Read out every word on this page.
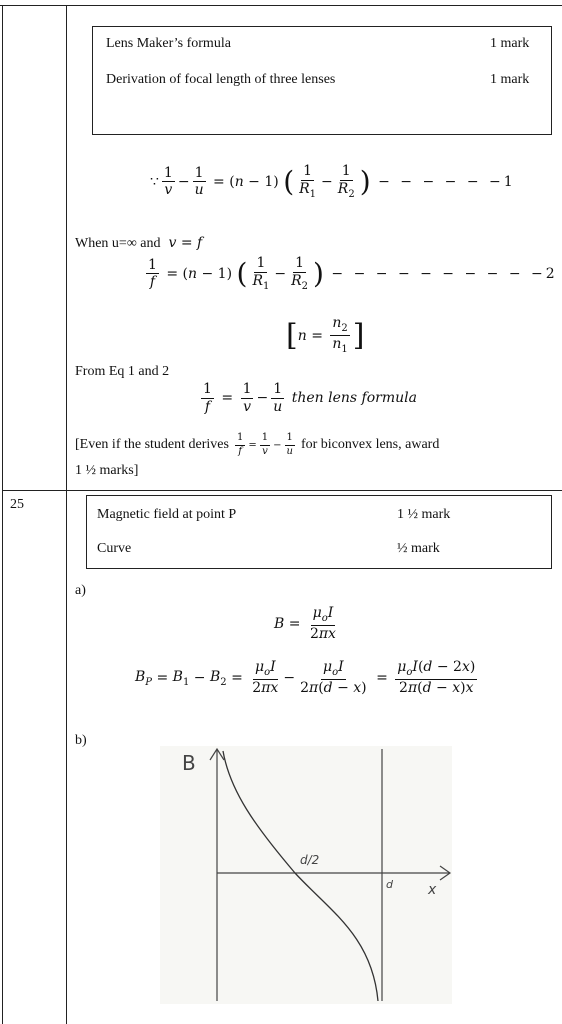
Lens Maker’s formula	1 mark
Derivation of focal length of three lenses	1 mark
∵ $\frac{1}{v} - \frac{1}{u}$ = ( n − 1) ( $\frac{1}{R_1} - \frac{1}{R_2}$ ) − − − − − − 1
When u=∞ and  v = f
$\frac{1}{f}$ = ( n − 1) ( $\frac{1}{R_1} - \frac{1}{R_2}$ ) − − − − − − − − − − 2
[ $n = \frac{n_2}{n_1}$ ]
From Eq 1 and 2
$\frac{1}{f} = \frac{1}{v} - \frac{1}{u}$
then lens formula
[Even if the student derives $\frac{1}{f} = \frac{1}{v} - \frac{1}{u}$ for biconvex lens, award
1 ½ marks]
25
Magnetic field at point P	1 ½ mark
Curve	½ mark
a)
$B = \frac{\mu_oI}{2\pi x}$
$B_P = B_1 - B_2 = \frac{\mu_oI}{2\pi x} - \frac{\mu_oI}{2\pi(d - x)} = \frac{\mu_oI(d - 2x)}{2\pi(d - x)x}$
b)
B
d/2
d	x
